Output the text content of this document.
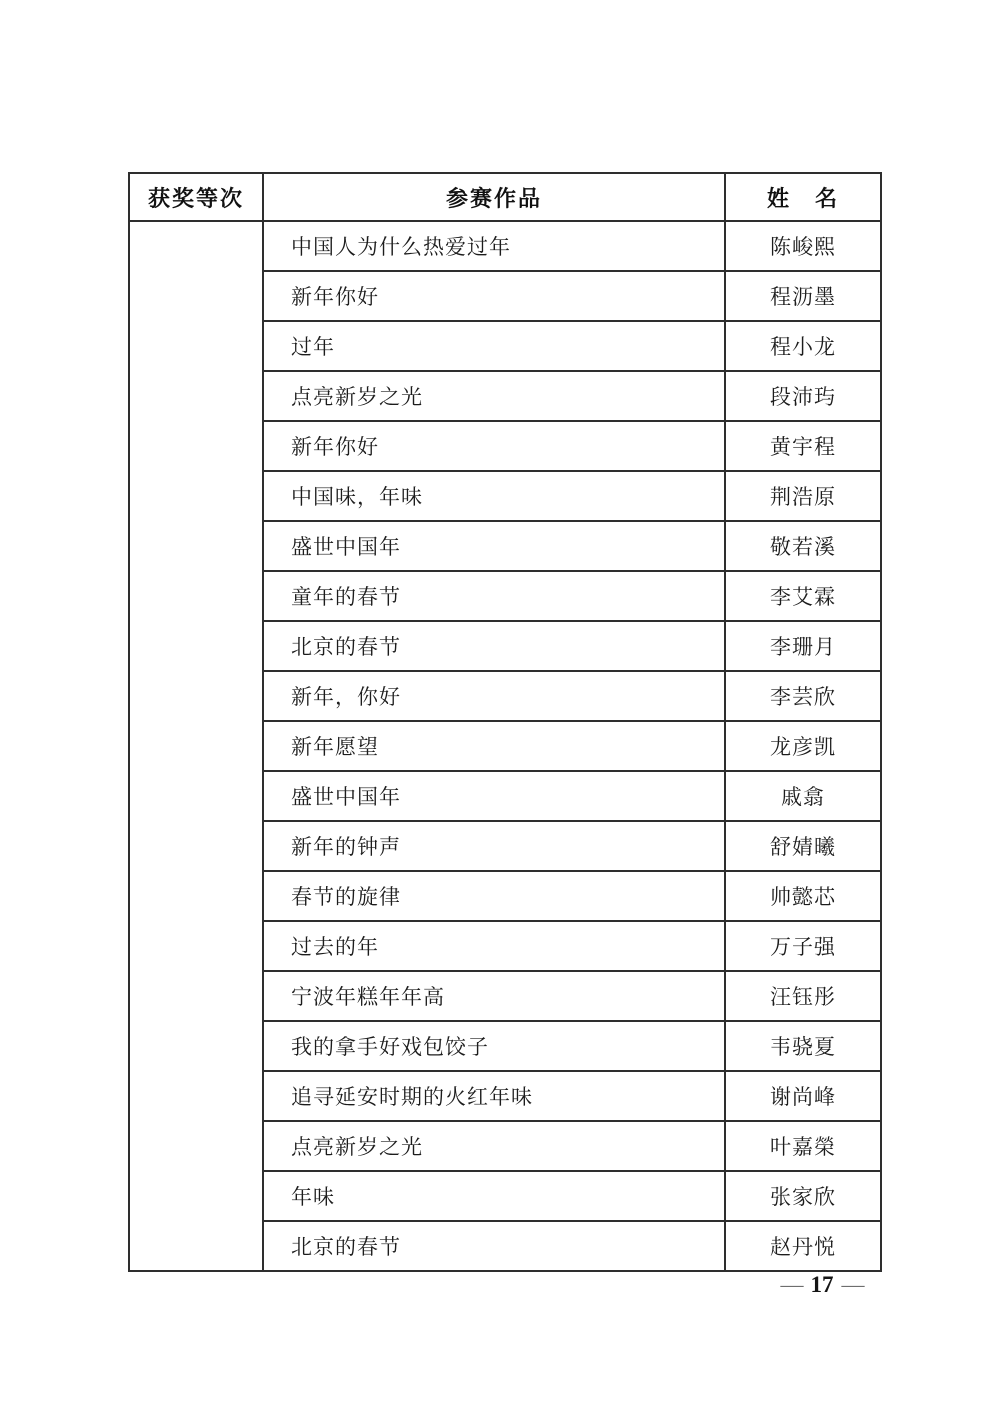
获奖等次	参赛作品	姓　名
	中国人为什么热爱过年	陈峻熙
	新年你好	程沥墨
	过年	程小龙
	点亮新岁之光	段沛玙
	新年你好	黄宇程
	中国味，年味	荆浩原
	盛世中国年	敬若溪
	童年的春节	李艾霖
	北京的春节	李珊月
	新年，你好	李芸欣
	新年愿望	龙彦凯
	盛世中国年	戚翕
	新年的钟声	舒婧曦
	春节的旋律	帅懿芯
	过去的年	万子强
	宁波年糕年年高	汪钰彤
	我的拿手好戏包饺子	韦骁夏
	追寻延安时期的火红年味	谢尚峰
	点亮新岁之光	叶嘉榮
	年味	张家欣
	北京的春节	赵丹悦
— 17 —
